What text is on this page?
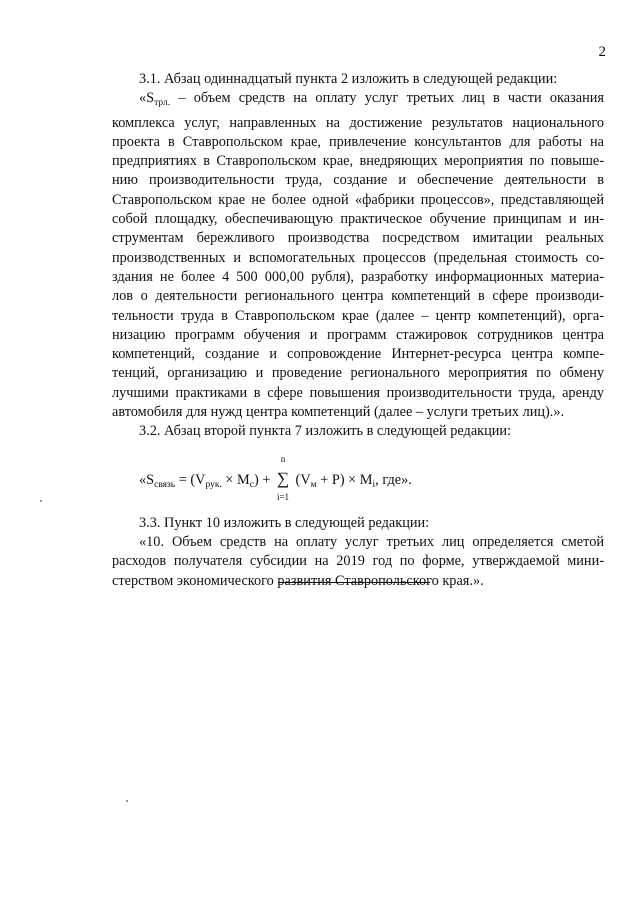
2
3.1. Абзац одиннадцатый пункта 2 изложить в следующей редакции:
«$S_{трл.}$ – объем средств на оплату услуг третьих лиц в части оказания
комплекса услуг, направленных на достижение результатов национального
проекта в Ставропольском крае, привлечение консультантов для работы на
предприятиях в Ставропольском крае, внедряющих мероприятия по повыше-
нию производительности труда, создание и обеспечение деятельности в
Ставропольском крае не более одной «фабрики процессов», представляющей
собой площадку, обеспечивающую практическое обучение принципам и ин-
струментам бережливого производства посредством имитации реальных
производственных и вспомогательных процессов (предельная стоимость со-
здания не более 4 500 000,00 рубля), разработку информационных материа-
лов о деятельности регионального центра компетенций в сфере производи-
тельности труда в Ставропольском крае (далее – центр компетенций), орга-
низацию программ обучения и программ стажировок сотрудников центра
компетенций, создание и сопровождение Интернет-ресурса центра компе-
тенций, организацию и проведение регионального мероприятия по обмену
лучшими практиками в сфере повышения производительности труда, аренду
автомобиля для нужд центра компетенций (далее – услуги третьих лиц).».
3.2. Абзац второй пункта 7 изложить в следующей редакции:
«$S_{связь} = (V_{рук.} \times M_c)$ +
n
∑
i=1
$(V_м + P) \times M_i$, где».
3.3. Пункт 10 изложить в следующей редакции:
«10. Объем средств на оплату услуг третьих лиц определяется сметой
расходов получателя субсидии на 2019 год по форме, утверждаемой мини-
стерством экономического развития Ставропольского края.».
